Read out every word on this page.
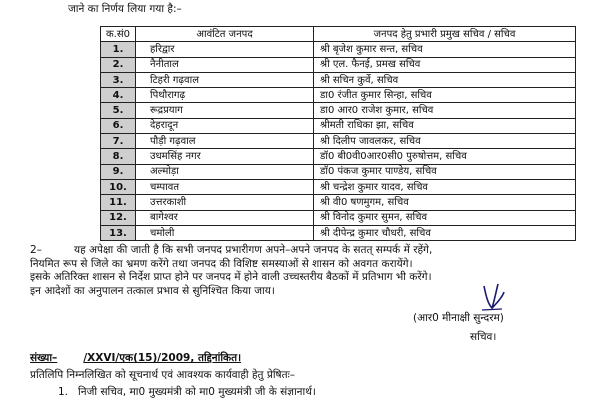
जाने का निर्णय लिया गया है:–
क.सं0	आवंटित जनपद	जनपद हेतु प्रभारी प्रमुख सचिव / सचिव
1.	हरिद्वार	श्री बृजेश कुमार सन्त, सचिव
2.	नैनीताल	श्री एल. फैनई, प्रमख सचिव
3.	टिहरी गढ़वाल	श्री सचिन कुर्वे, सचिव
4.	पिथौरागढ़	डा0 रंजीत कुमार सिन्हा, सचिव
5.	रूद्रप्रयाग	डा0 आर0 राजेश कुमार, सचिव
6.	देहरादून	श्रीमती राधिका झा, सचिव
7.	पौड़ी गढ़वाल	श्री दिलीप जावलकर, सचिव
8.	उधमसिंह नगर	डॉ0 बी0वी0आर0सी0 पुरुषोत्तम, सचिव
9.	अल्मोड़ा	डॉ0 पंकज कुमार पाण्डेय, सचिव
10.	चम्पावत	श्री चन्द्रेश कुमार यादव, सचिव
11.	उत्तरकाशी	श्री वी0 षणमुगम, सचिव
12.	बागेश्वर	श्री विनोद कुमार सुमन, सचिव
13.	चमोली	श्री दीपेन्द्र कुमार चौधरी, सचिव
2–	यह अपेक्षा की जाती है कि सभी जनपद प्रभारीगण अपने–अपने जनपद के सतत् सम्पर्क में रहेंगे,
नियमित रूप से जिले का भ्रमण करेंगे तथा जनपद की विशिष्ट समस्याओं से शासन को अवगत करायेंगे।
इसके अतिरिक्त शासन से निर्देश प्राप्त होने पर जनपद में होने वाली उच्चस्तरीय बैठकों में प्रतिभाग भी करेंगे।
इन आदेशों का अनुपालन तत्काल प्रभाव से सुनिश्चित किया जाय।
(आर0 मीनाक्षी सुन्दरम)
सचिव।
संख्या– /XXVI/एक(15)/2009, तद्दिनांकित।
प्रतिलिपि निम्नलिखित को सूचनार्थ एवं आवश्यक कार्यवाही हेतु प्रेषितः–
1. निजी सचिव, मा0 मुख्यमंत्री को मा0 मुख्यमंत्री जी के संज्ञानार्थ।
